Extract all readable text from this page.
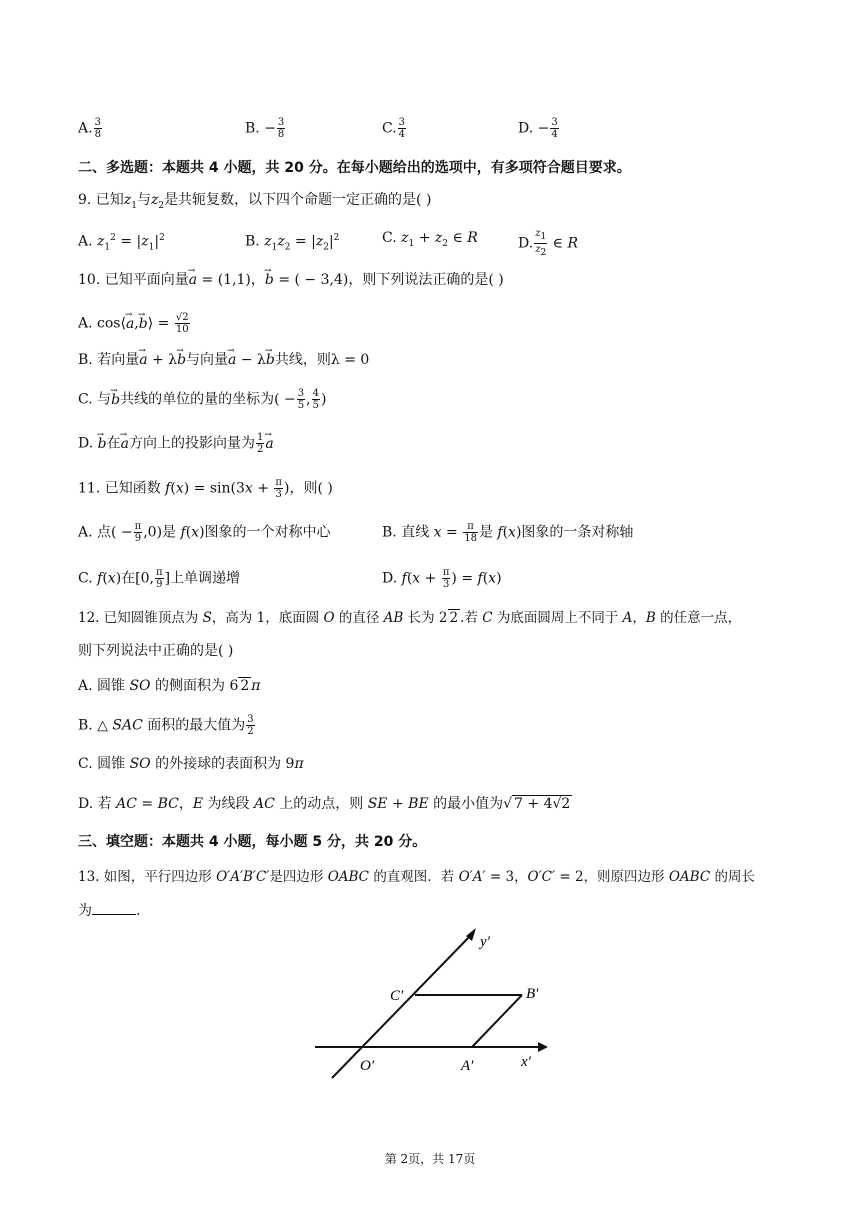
A. $\frac{3}{8}$	B. − $\frac{3}{8}$	C. $\frac{3}{4}$	D. − $\frac{3}{4}$
二、多选题：本题共 4 小题，共 20 分。在每小题给出的选项中，有多项符合题目要求。
9. 已知$z_1$与$z_2$是共轭复数，以下四个命题一定正确的是( )
A. $z_1^2 = |z_1|^2$	B. $z_1z_2 = |z_2|^2$	C. $z_1 + z_2$ ∈ R	D. $\frac{z_1}{z_2}$ ∈ R
10. 已知平面向量→ a = (1,1)，→ b = ( − 3,4)，则下列说法正确的是( )
A. cos⟨→ a,→ b⟩ = $\frac{√2}{10}$
B. 若向量→ a + λ→ b与向量→ a − λ→ b共线，则λ = 0
C. 与→ b共线的单位的量的坐标为( − $\frac{3}{5}$ , $\frac{4}{5}$ )
D. → b在→ a方向上的投影向量为 $\frac{1}{2}$
→ a
11. 已知函数 $f(x) = \sin(3x + \frac{\pi}{3}$ )，则( )
A. 点( − $\frac{\pi}{9} ,0$)是 f(x)图象的一个对称中心	B. 直线 $x = \frac{\pi}{18}$ 是 f(x)图象的一条对称轴
C. f(x)在[0, $\frac{\pi}{9}$ ]上单调递增	D. $f(x + \frac{\pi}{3}$ ) = f(x)
12. 已知圆锥顶点为 S，高为 1，底面圆 O 的直径 AB 长为 2 2 .若 C 为底面圆周上不同于 A，B 的任意一点，
则下列说法中正确的是( )
A. 圆锥 SO 的侧面积为 6 2 π
B. △ SAC 面积的最大值为 $\frac{3}{2}$
C. 圆锥 SO 的外接球的表面积为 9π
D. 若 AC = BC，E 为线段 AC 上的动点，则 SE + BE 的最小值为√ 7 + 4√2
三、填空题：本题共 4 小题，每小题 5 分，共 20 分。
13. 如图，平行四边形 O′A′B′C′是四边形 OABC 的直观图．若 O′A′ = 3，O′C′ = 2，则原四边形 OABC 的周长
为	.
y′
C′	B′
O′	A′	x′
第 2页，共 17页
